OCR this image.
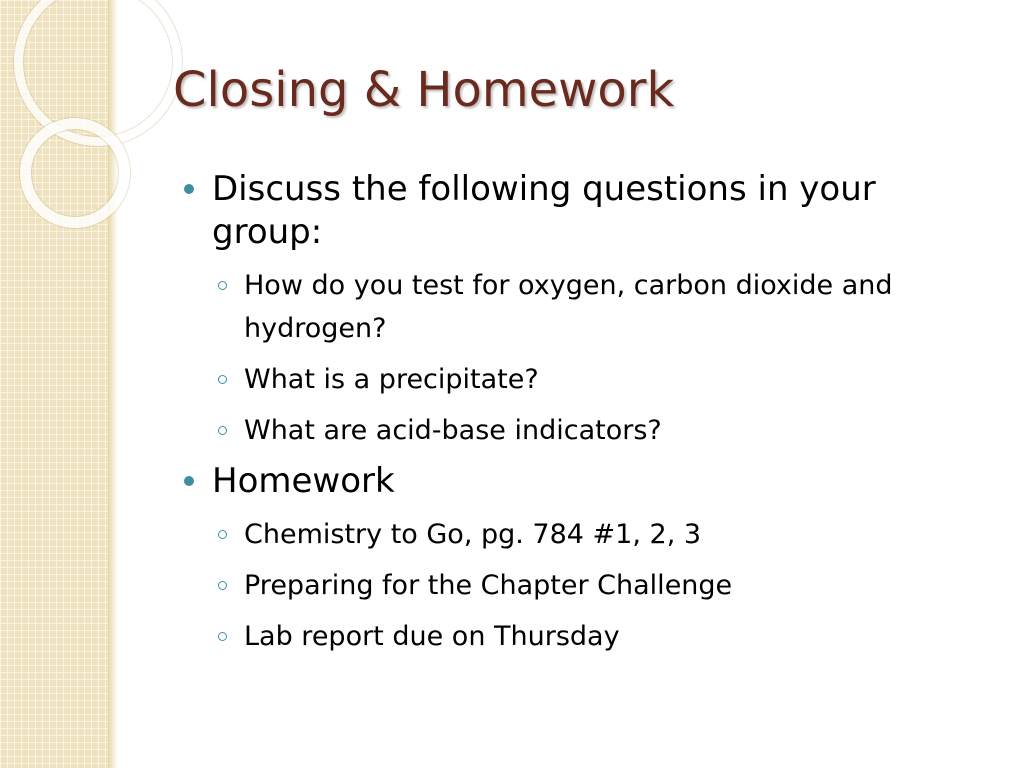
Closing & Homework
Discuss the following questions in your group:
How do you test for oxygen, carbon dioxide and hydrogen?
What is a precipitate?
What are acid-base indicators?
Homework
Chemistry to Go, pg. 784 #1, 2, 3
Preparing for the Chapter Challenge
Lab report due on Thursday
